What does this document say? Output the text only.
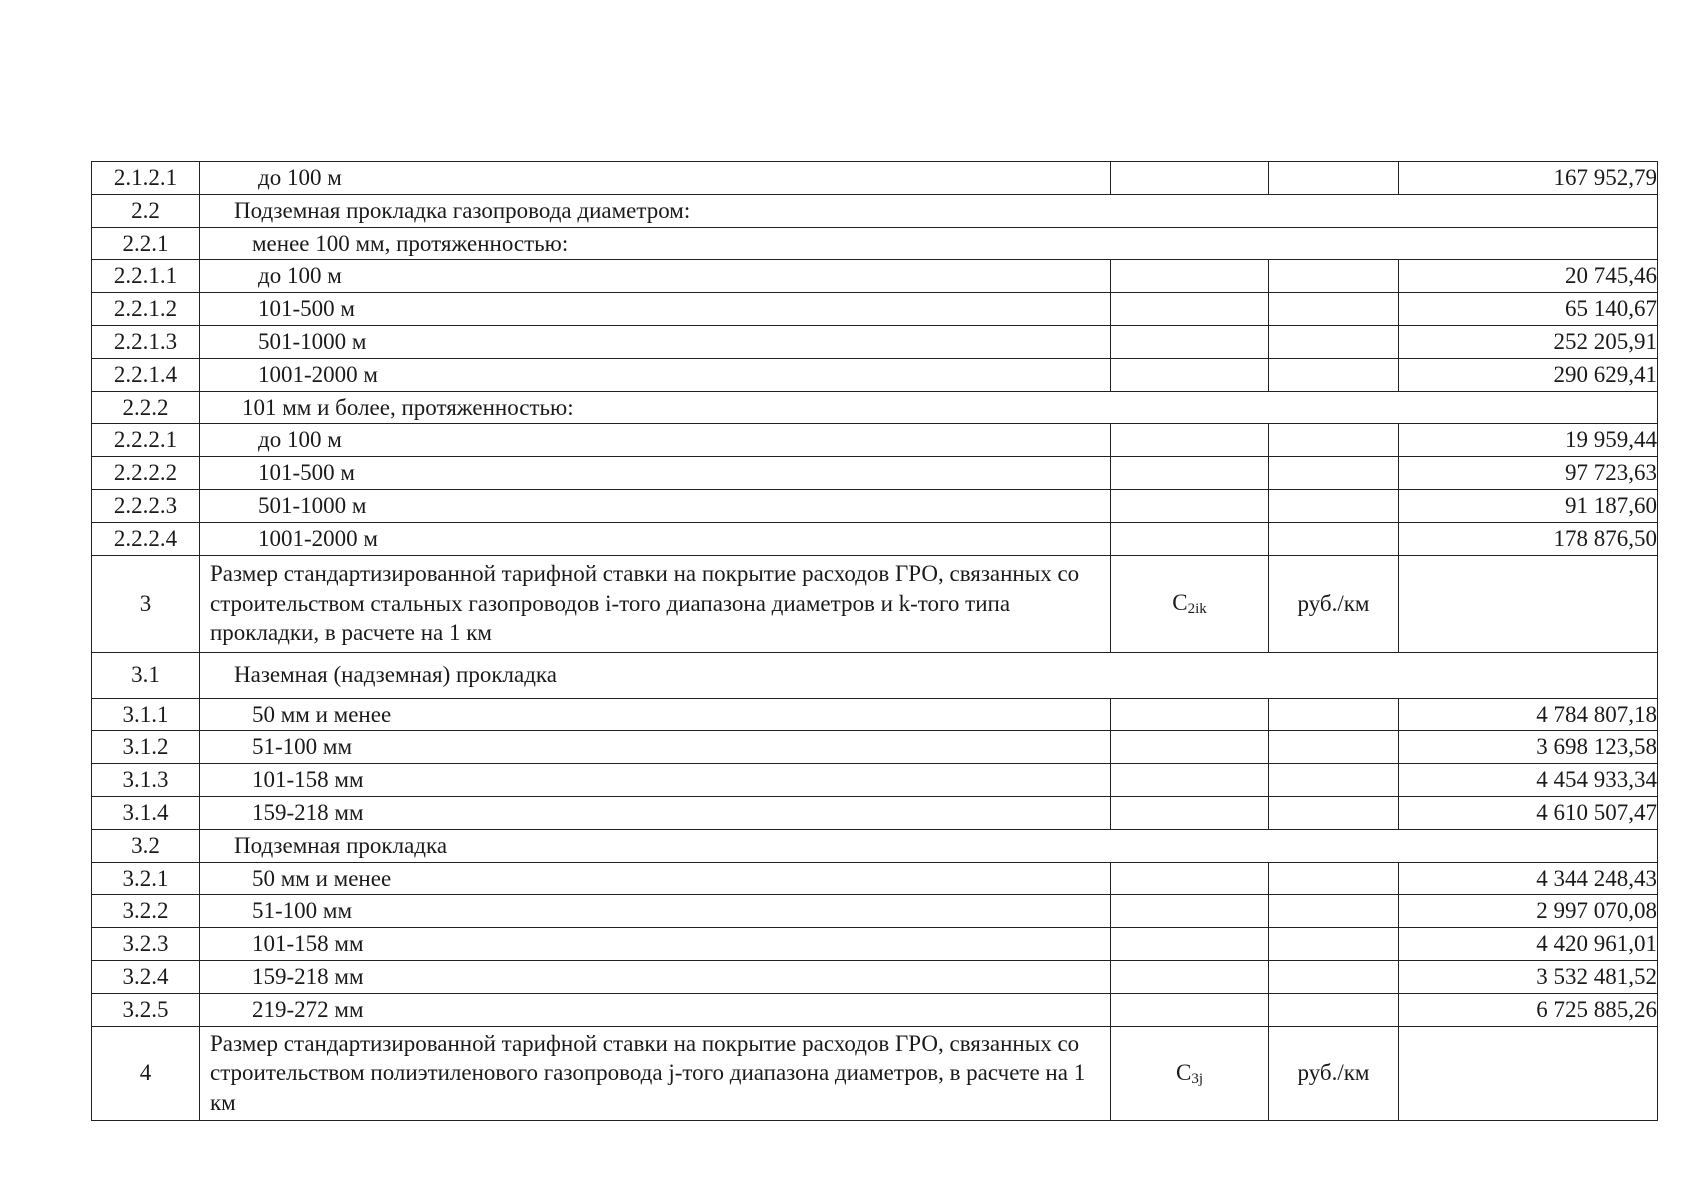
2.1.2.1	до 100 м			167 952,79
2.2	Подземная прокладка газопровода диаметром:			
2.2.1	менее 100 мм, протяженностью:			
2.2.1.1	до 100 м			20 745,46
2.2.1.2	101-500 м			65 140,67
2.2.1.3	501-1000 м			252 205,91
2.2.1.4	1001-2000 м			290 629,41
2.2.2	101 мм и более, протяженностью:			
2.2.2.1	до 100 м			19 959,44
2.2.2.2	101-500 м			97 723,63
2.2.2.3	501-1000 м			91 187,60
2.2.2.4	1001-2000 м			178 876,50
3	Размер стандартизированной тарифной ставки на покрытие расходов ГРО, связанных со строительством стальных газопроводов i-того диапазона диаметров и k-того типа прокладки, в расчете на 1 км	$C_{2ik}$	руб./км	
3.1	Наземная (надземная) прокладка			
3.1.1	50 мм и менее			4 784 807,18
3.1.2	51-100 мм			3 698 123,58
3.1.3	101-158 мм			4 454 933,34
3.1.4	159-218 мм			4 610 507,47
3.2	Подземная прокладка			
3.2.1	50 мм и менее			4 344 248,43
3.2.2	51-100 мм			2 997 070,08
3.2.3	101-158 мм			4 420 961,01
3.2.4	159-218 мм			3 532 481,52
3.2.5	219-272 мм			6 725 885,26
4	Размер стандартизированной тарифной ставки на покрытие расходов ГРО, связанных со строительством полиэтиленового газопровода j-того диапазона диаметров, в расчете на 1 км	$C_{3j}$	руб./км	
